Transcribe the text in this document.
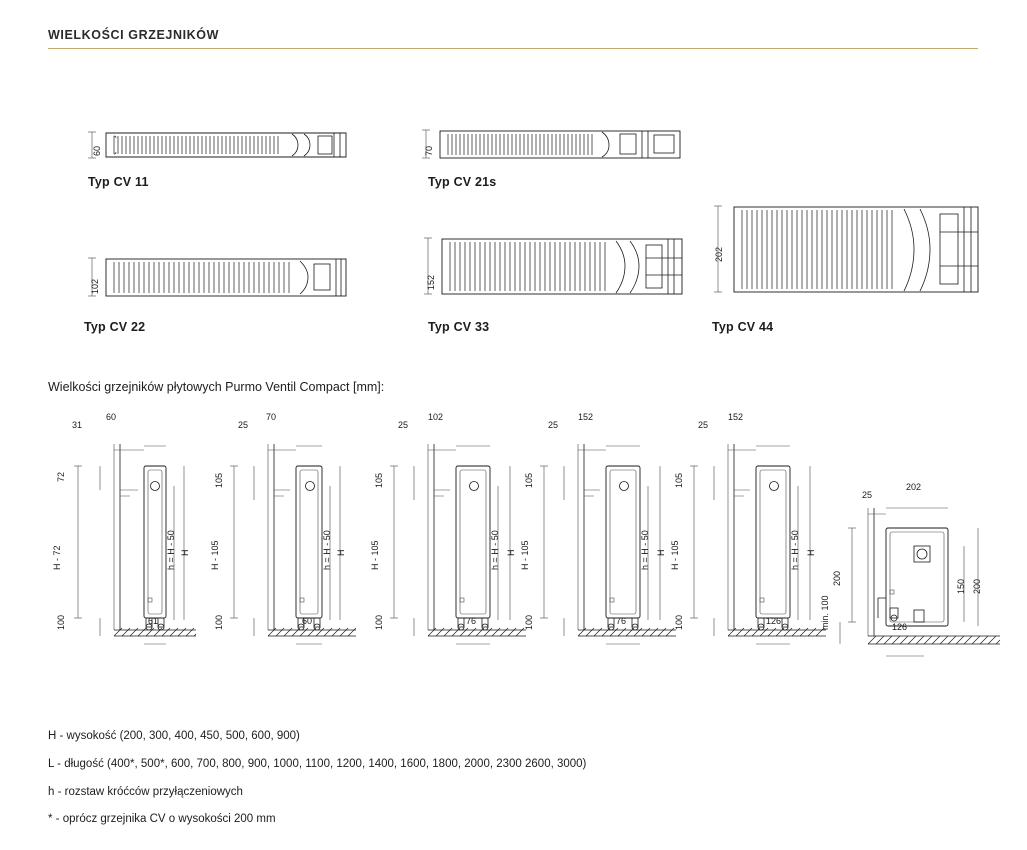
WIELKOŚCI GRZEJNIKÓW
60
Typ CV 11
70
Typ CV 21s
102
Typ CV 22
152
Typ CV 33
202
Typ CV 44
Wielkości grzejników płytowych Purmo Ventil Compact [mm]:
31
60
72
H - 72
100
h = H - 50 H
61
25
70
105
H - 105
100
h = H - 50 H
60
25
102
105
H - 105
100
h = H - 50 H
76
25
152
105
H - 105
100
h = H - 50 H
76
25
152
105
H - 105
100
h = H - 50 H
126
25
202
200
min. 100
150 200
126

H - wysokość (200, 300, 400, 450, 500, 600, 900)

L - długość (400*, 500*, 600, 700, 800, 900, 1000, 1100, 1200, 1400, 1600, 1800, 2000, 2300 2600, 3000)

h - rozstaw króćców przyłączeniowych

* - oprócz grzejnika CV o wysokości 200 mm
